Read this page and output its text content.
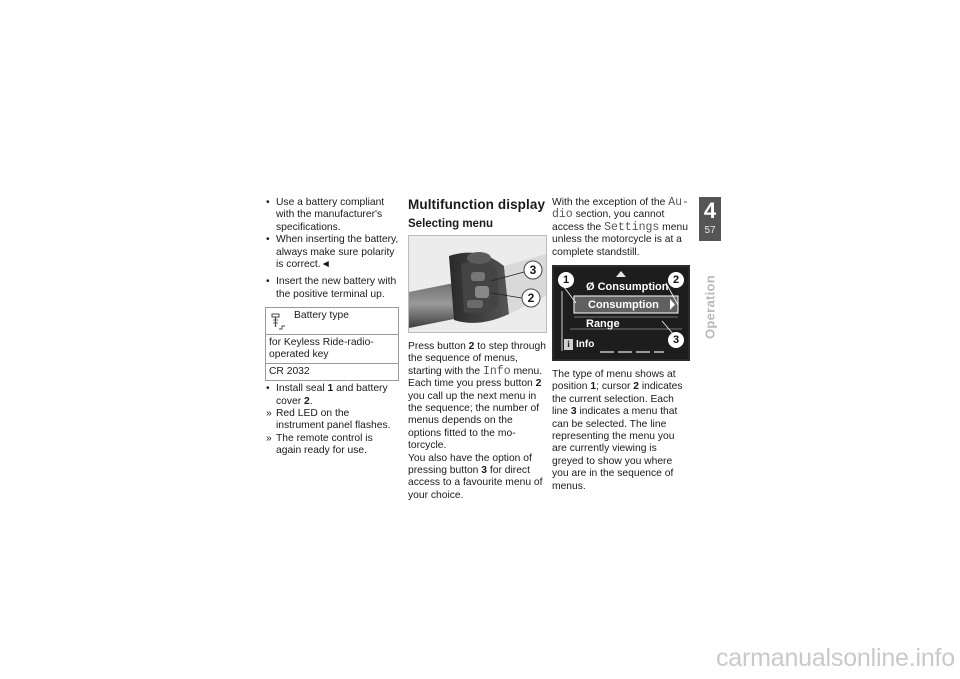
• Use a battery compliant with the manufacturer's specifications.

• When inserting the battery, always make sure polarity is correct.◄

• Insert the new battery with the positive terminal up.

Battery type

for Keyless Ride-radio-operated key
CR 2032

• Install seal 1 and battery cover 2.

» Red LED on the instrument panel flashes.

» The remote control is again ready for use.

Multifunction display
Selecting menu
3
2

Press button 2 to step through the sequence of menus, starting with the Info menu. Each time you press button 2 you call up the next menu in the sequence; the number of menus depends on the options fitted to the motorcycle.

You also have the option of pressing button 3 for direct access to a favourite menu of your choice.

With the exception of the Audio section, you cannot access the Settings menu unless the motorcycle is at a complete standstill.

Ø Consumption
Consumption
Range
i Info
1	2
3

The type of menu shows at position 1; cursor 2 indicates the current selection. Each line 3 indicates a menu that can be selected. The line representing the menu you are currently viewing is greyed to show you where you are in the sequence of menus.

4
57
Operation
carmanualsonline.info
